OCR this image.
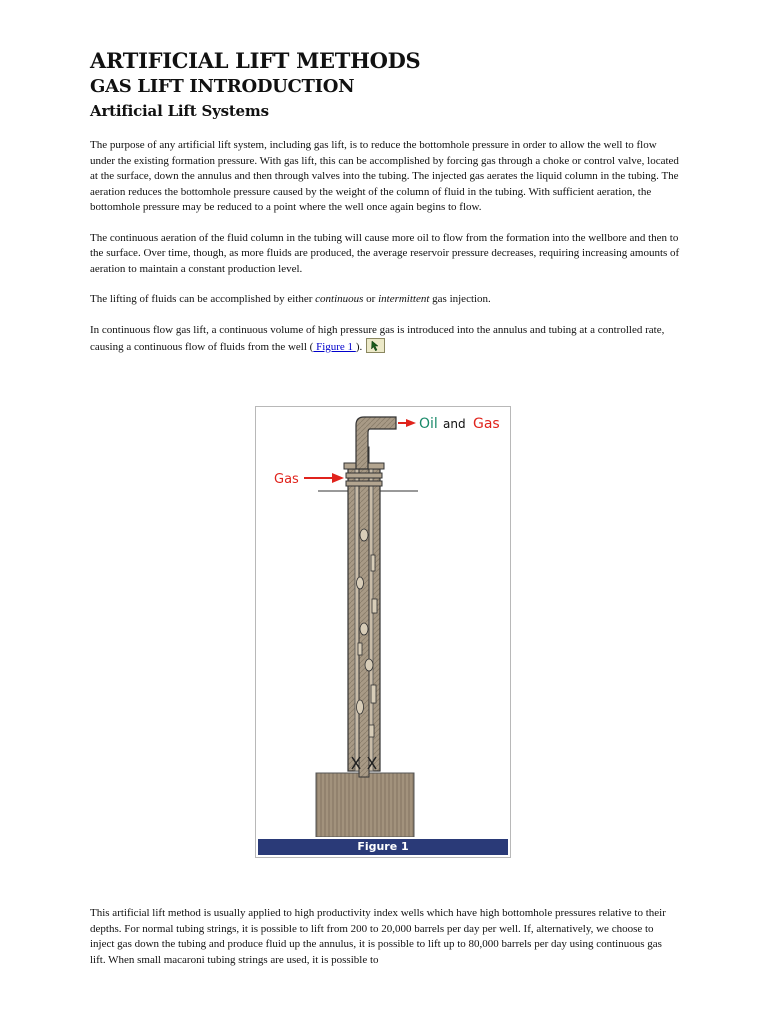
ARTIFICIAL LIFT METHODS
GAS LIFT INTRODUCTION
Artificial Lift Systems

The purpose of any artificial lift system, including gas lift, is to reduce the bottomhole pressure in order to allow the well to flow under the existing formation pressure. With gas lift, this can be accomplished by forcing gas through a choke or control valve, located at the surface, down the annulus and then through valves into the tubing. The injected gas aerates the liquid column in the tubing. The aeration reduces the bottomhole pressure caused by the weight of the column of fluid in the tubing. With sufficient aeration, the bottomhole pressure may be reduced to a point where the well once again begins to flow.

The continuous aeration of the fluid column in the tubing will cause more oil to flow from the formation into the wellbore and then to the surface. Over time, though, as more fluids are produced, the average reservoir pressure decreases, requiring increasing amounts of aeration to maintain a constant production level.

The lifting of fluids can be accomplished by either continuous or intermittent gas injection.

In continuous flow gas lift, a continuous volume of high pressure gas is introduced into the annulus and tubing at a controlled rate, causing a continuous flow of fluids from the well ( Figure 1 ).

Gas
Oil and Gas
Figure 1

This artificial lift method is usually applied to high productivity index wells which have high bottomhole pressures relative to their depths. For normal tubing strings, it is possible to lift from 200 to 20,000 barrels per day per well. If, alternatively, we choose to inject gas down the tubing and produce fluid up the annulus, it is possible to lift up to 80,000 barrels per day using continuous gas lift. When small macaroni tubing strings are used, it is possible to
